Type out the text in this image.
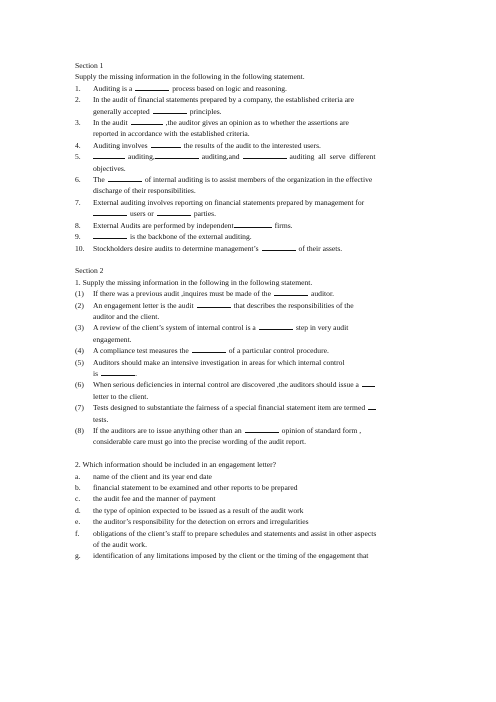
Section 1
Supply the missing information in the following in the following statement.
1.	Auditing is a	process based on logic and reasoning.
2.	In the audit of financial statements prepared by a company, the established criteria are
generally accepted	principles.
3.	In the audit	,the auditor gives an opinion as to whether the assertions are
reported in accordance with the established criteria.
4.	Auditing involves	the results of the audit to the interested users.
5.	auditing,	auditing,and	auditing  all  serve  different
objectives.
6.	The	of internal auditing is to assist members of the organization in the effective
discharge of their responsibilities.
7.	External auditing involves reporting on financial statements prepared by management for
users or	parties.
8.	External Audits are performed by independent	firms.
9.	is the backbone of the external auditing.
10.	Stockholders desire audits to determine management’s	of their assets.
Section 2
1. Supply the missing information in the following in the following statement.
(1)	If there was a previous audit ,inquires must be made of the	auditor.
(2)	An engagement letter is the audit	that describes the responsibilities of the
auditor and the client.
(3)	A review of the client’s system of internal control is a	step in very audit
engagement.
(4)	A compliance test measures the	of a particular control procedure.
(5)	Auditors should make an intensive investigation in areas for which internal control
is	.
(6)	When serious deficiencies in internal control are discovered ,the auditors should issue a
letter to the client.
(7)	Tests designed to substantiate the fairness of a special financial statement item are termed
tests.
(8)	If the auditors are to issue anything other than an	opinion of standard form ,
considerable care must go into the precise wording of the audit report.
2. Which information should be included in an engagement letter?
a.	name of the client and its year end date
b.	financial statement to be examined and other reports to be prepared
c.	the audit fee and the manner of payment
d.	the type of opinion expected to be issued as a result of the audit work
e.	the auditor’s responsibility for the detection on errors and irregularities
f.	obligations of the client’s staff to prepare schedules and statements and assist in other aspects
of the audit work.
g.	identification of any limitations imposed by the client or the timing of the engagement that
